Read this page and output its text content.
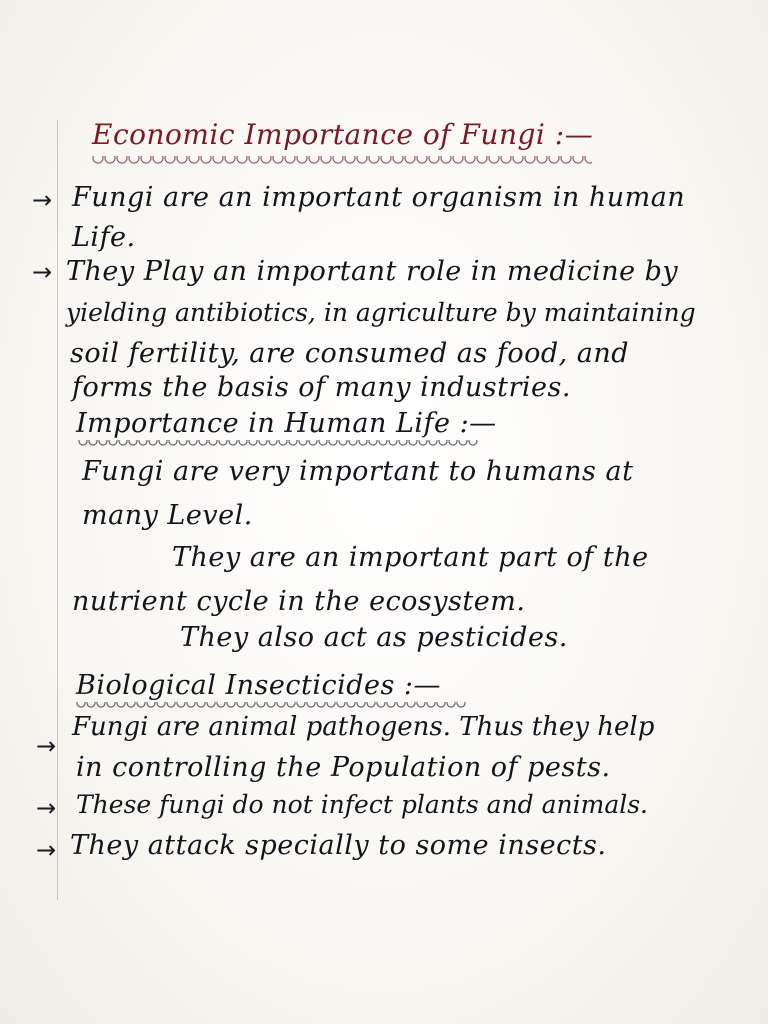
Economic Importance of Fungi :—
→ Fungi are an important organism in human
Life.
→ They Play an important role in medicine by
yielding antibiotics, in agriculture by maintaining
soil fertility, are consumed as food, and
forms the basis of many industries.
Importance in Human Life :—
Fungi are very important to humans at
many Level.
They are an important part of the
nutrient cycle in the ecosystem.
They also act as pesticides.
Biological Insecticides :—
→
Fungi are animal pathogens. Thus they help
in controlling the Population of pests.
→ These fungi do not infect plants and animals.
→ They attack specially to some insects.
